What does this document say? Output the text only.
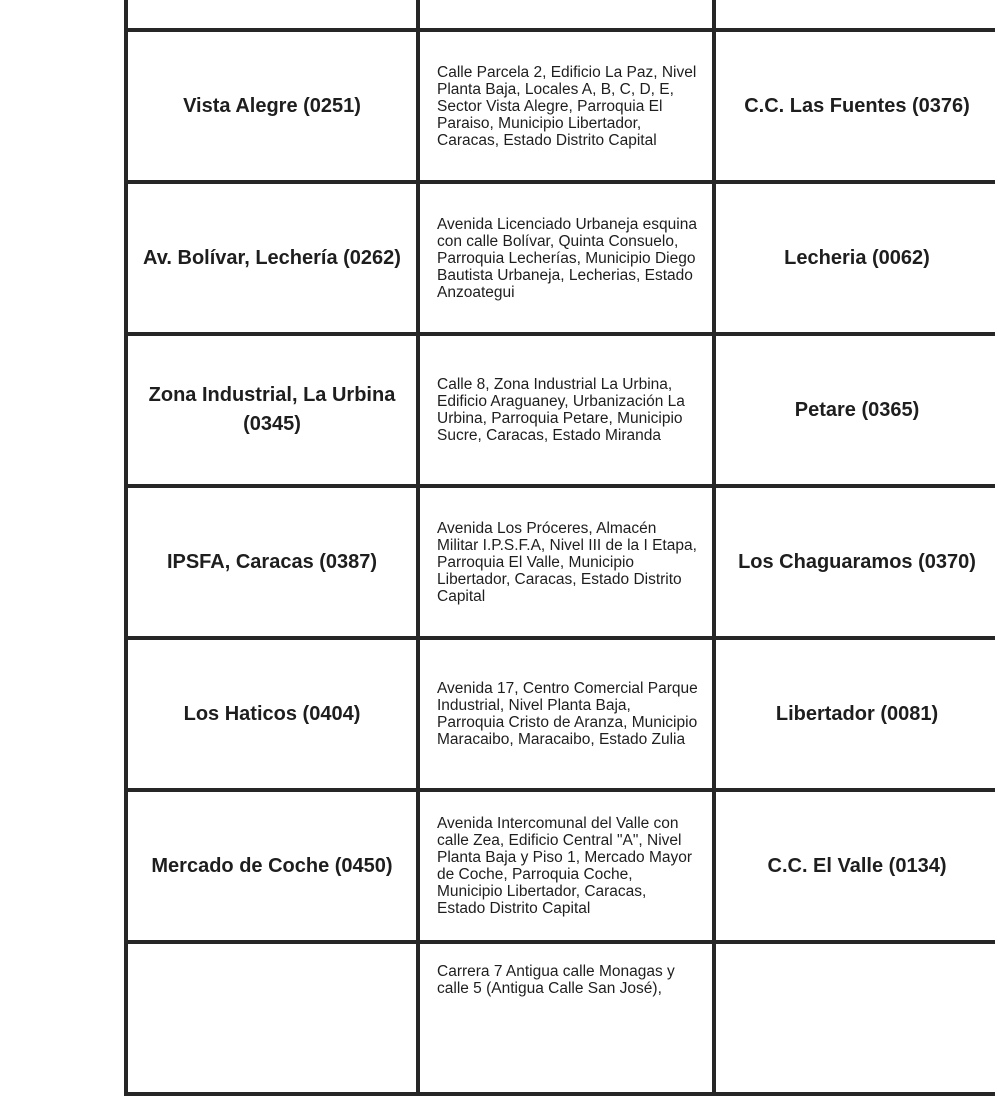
Vista Alegre (0251)
Calle Parcela 2, Edificio La Paz, Nivel Planta Baja, Locales A, B, C, D, E, Sector Vista Alegre, Parroquia El Paraiso, Municipio Libertador, Caracas, Estado Distrito Capital
C.C. Las Fuentes (0376)
Av. Bolívar, Lechería (0262)
Avenida Licenciado Urbaneja esquina con calle Bolívar, Quinta Consuelo, Parroquia Lecherías, Municipio Diego Bautista Urbaneja, Lecherias, Estado Anzoategui
Lecheria (0062)
Zona Industrial, La Urbina (0345)
Calle 8, Zona Industrial La Urbina, Edificio Araguaney, Urbanización La Urbina, Parroquia Petare, Municipio Sucre, Caracas, Estado Miranda
Petare (0365)
IPSFA, Caracas (0387)
Avenida Los Próceres, Almacén Militar I.P.S.F.A, Nivel III de la I Etapa, Parroquia El Valle, Municipio Libertador, Caracas, Estado Distrito Capital
Los Chaguaramos (0370)
Los Haticos (0404)
Avenida 17, Centro Comercial Parque Industrial, Nivel Planta Baja, Parroquia Cristo de Aranza, Municipio Maracaibo, Maracaibo, Estado Zulia
Libertador (0081)
Mercado de Coche (0450)
Avenida Intercomunal del Valle con calle Zea, Edificio Central "A", Nivel Planta Baja y Piso 1, Mercado Mayor de Coche, Parroquia Coche, Municipio Libertador, Caracas, Estado Distrito Capital
C.C. El Valle (0134)
Carrera 7 Antigua calle Monagas y calle 5 (Antigua Calle San José),
